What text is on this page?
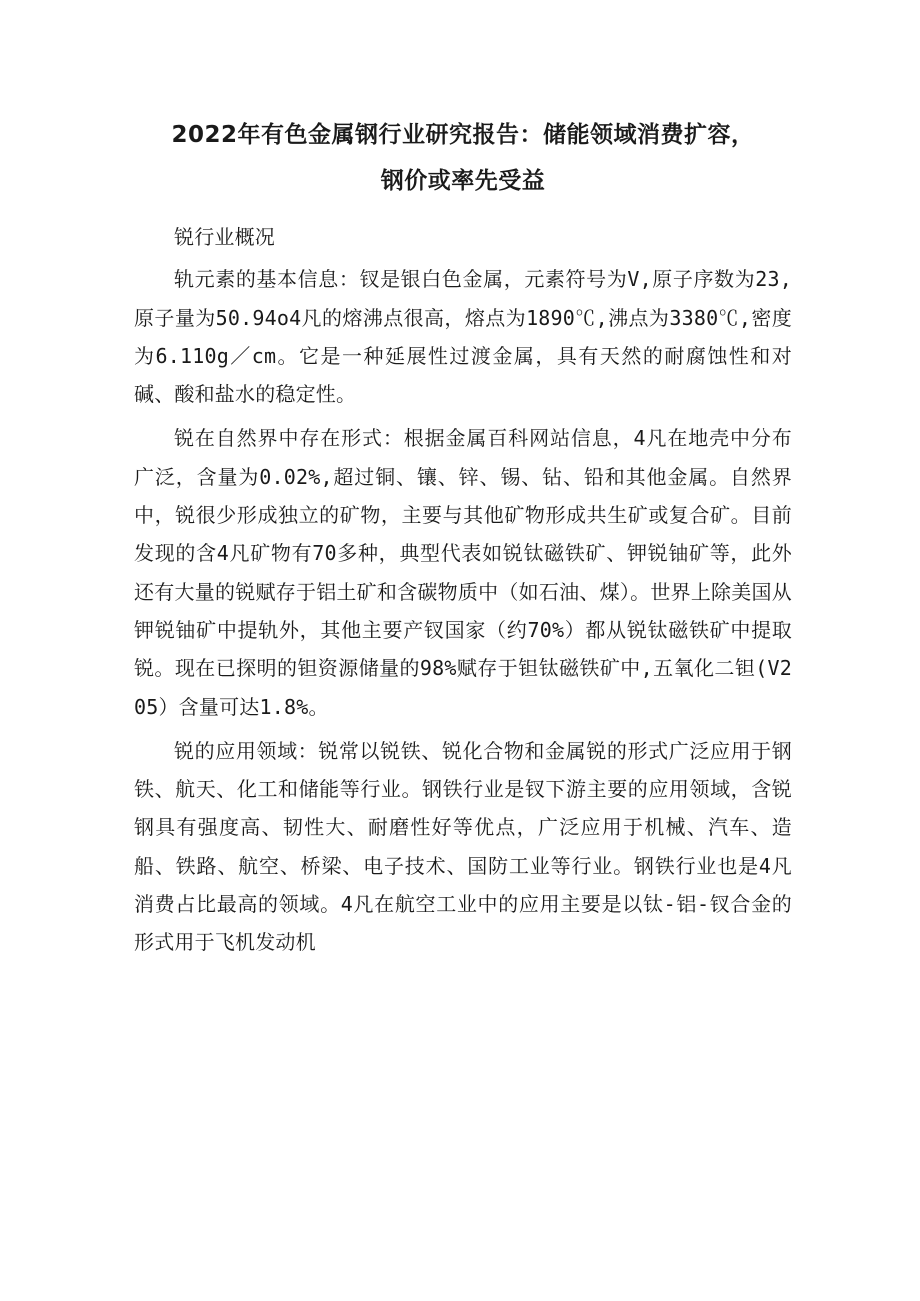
2022年有色金属钢行业研究报告：储能领域消费扩容，
钢价或率先受益

锐行业概况

轨元素的基本信息：钗是银白色金属，元素符号为V,原子序数为23,原子量为50.94o4凡的熔沸点很高，熔点为1890℃,沸点为3380℃,密度为6.110g／cm。它是一种延展性过渡金属，具有天然的耐腐蚀性和对碱、酸和盐水的稳定性。

锐在自然界中存在形式：根据金属百科网站信息，4凡在地壳中分布广泛，含量为0.02%,超过铜、镶、锌、锡、钻、铅和其他金属。自然界中，锐很少形成独立的矿物，主要与其他矿物形成共生矿或复合矿。目前发现的含4凡矿物有70多种，典型代表如锐钛磁铁矿、钾锐铀矿等，此外还有大量的锐赋存于铝土矿和含碳物质中（如石油、煤）。世界上除美国从钾锐铀矿中提轨外，其他主要产钗国家（约70%）都从锐钛磁铁矿中提取锐。现在已探明的钽资源储量的98%赋存于钽钛磁铁矿中,五氧化二钽(V205）含量可达1.8%。

锐的应用领域：锐常以锐铁、锐化合物和金属锐的形式广泛应用于钢铁、航天、化工和储能等行业。钢铁行业是钗下游主要的应用领域，含锐钢具有强度高、韧性大、耐磨性好等优点，广泛应用于机械、汽车、造船、铁路、航空、桥梁、电子技术、国防工业等行业。钢铁行业也是4凡消费占比最高的领域。4凡在航空工业中的应用主要是以钛-铝-钗合金的形式用于飞机发动机
